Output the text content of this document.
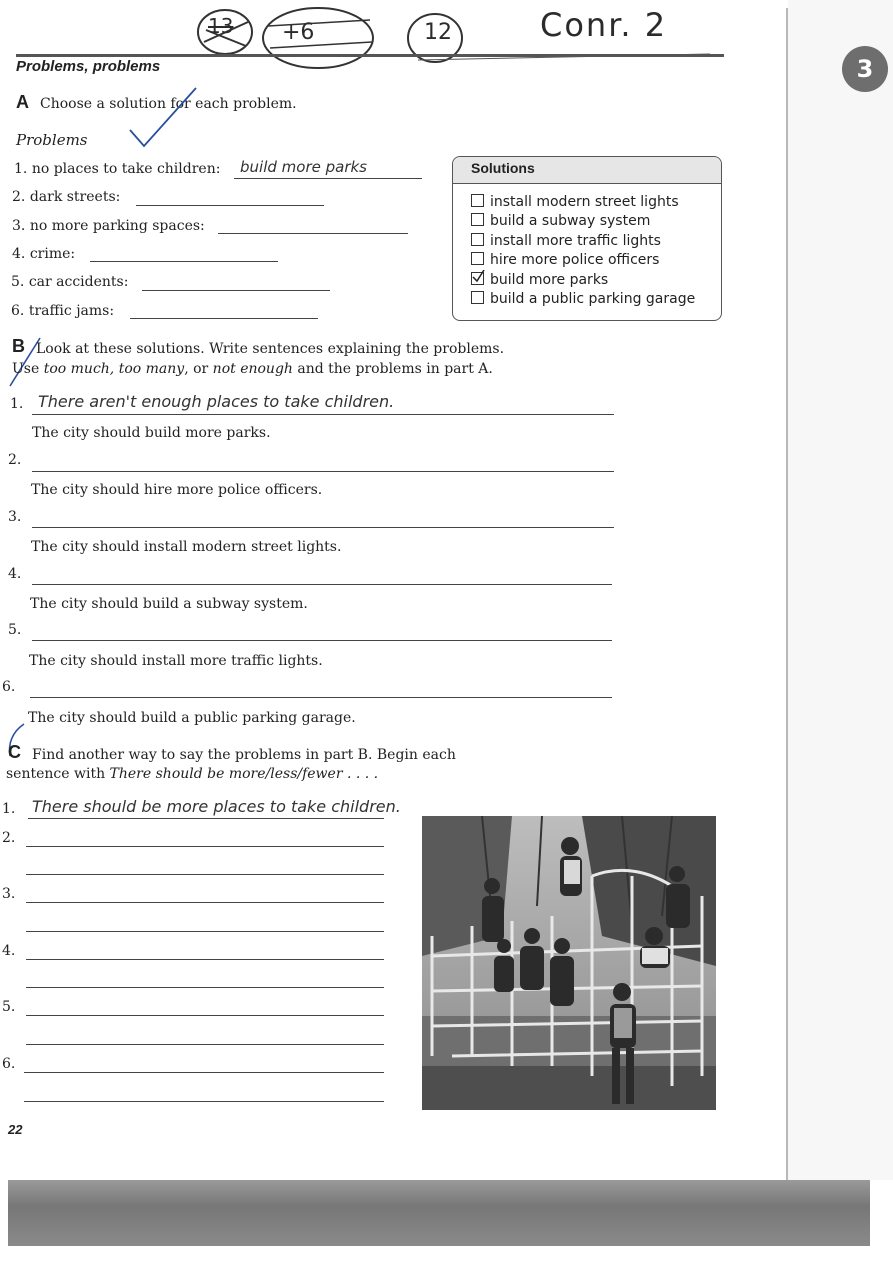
3
13 +6	12	Conr. 2
Problems, problems
A Choose a solution for each problem.
Problems
1. no places to take children: build more parks
2. dark streets:
3. no more parking spaces:
4. crime:
5. car accidents:
6. traffic jams:
Solutions
install modern street lights
build a subway system
install more traffic lights
hire more police officers
build more parks
build a public parking garage
B Look at these solutions. Write sentences explaining the problems.
Use too much, too many, or not enough and the problems in part A.
1. There aren't enough places to take children.
The city should build more parks.
2.
The city should hire more police officers.
3.
The city should install modern street lights.
4.
The city should build a subway system.
5.
The city should install more traffic lights.
6.
The city should build a public parking garage.
C Find another way to say the problems in part B. Begin each
sentence with There should be more/less/fewer . . . .
1. There should be more places to take children.
2.
3.
4.
5.
6.
22
